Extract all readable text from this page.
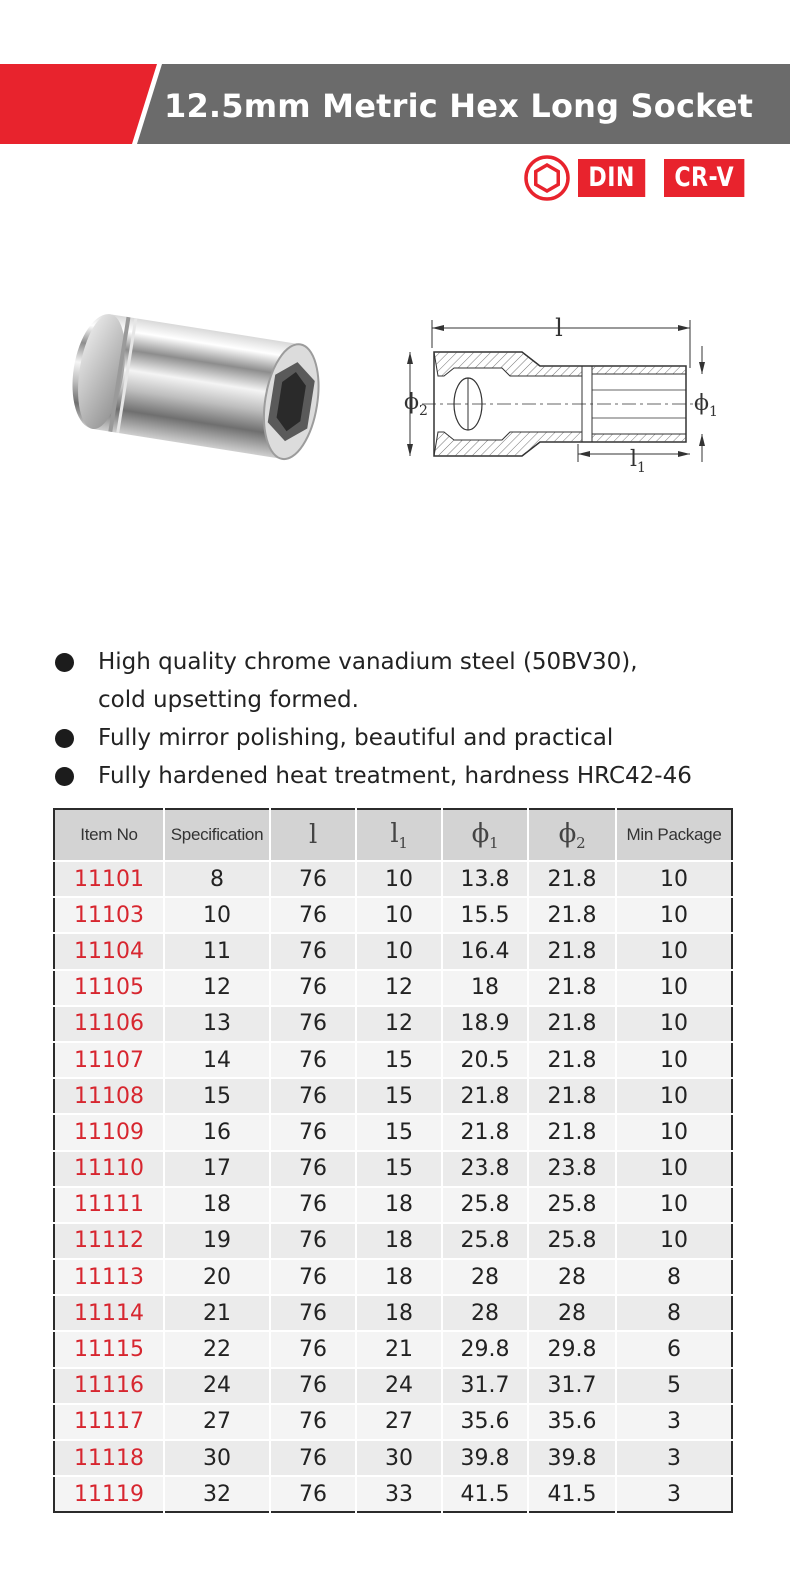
12.5mm Metric Hex Long Socket
DIN	CR-V
l
$\phi_2$	$\phi_1$
$l_1$
High quality chrome vanadium steel (50BV30),
cold upsetting formed.
Fully mirror polishing, beautiful and practical
Fully hardened heat treatment, hardness HRC42-46
Item No	Specification	l	$l_1$	$\phi_1$	$\phi_2$	Min Package
11101	8	76	10	13.8	21.8	10
11103	10	76	10	15.5	21.8	10
11104	11	76	10	16.4	21.8	10
11105	12	76	12	18	21.8	10
11106	13	76	12	18.9	21.8	10
11107	14	76	15	20.5	21.8	10
11108	15	76	15	21.8	21.8	10
11109	16	76	15	21.8	21.8	10
11110	17	76	15	23.8	23.8	10
11111	18	76	18	25.8	25.8	10
11112	19	76	18	25.8	25.8	10
11113	20	76	18	28	28	8
11114	21	76	18	28	28	8
11115	22	76	21	29.8	29.8	6
11116	24	76	24	31.7	31.7	5
11117	27	76	27	35.6	35.6	3
11118	30	76	30	39.8	39.8	3
11119	32	76	33	41.5	41.5	3
